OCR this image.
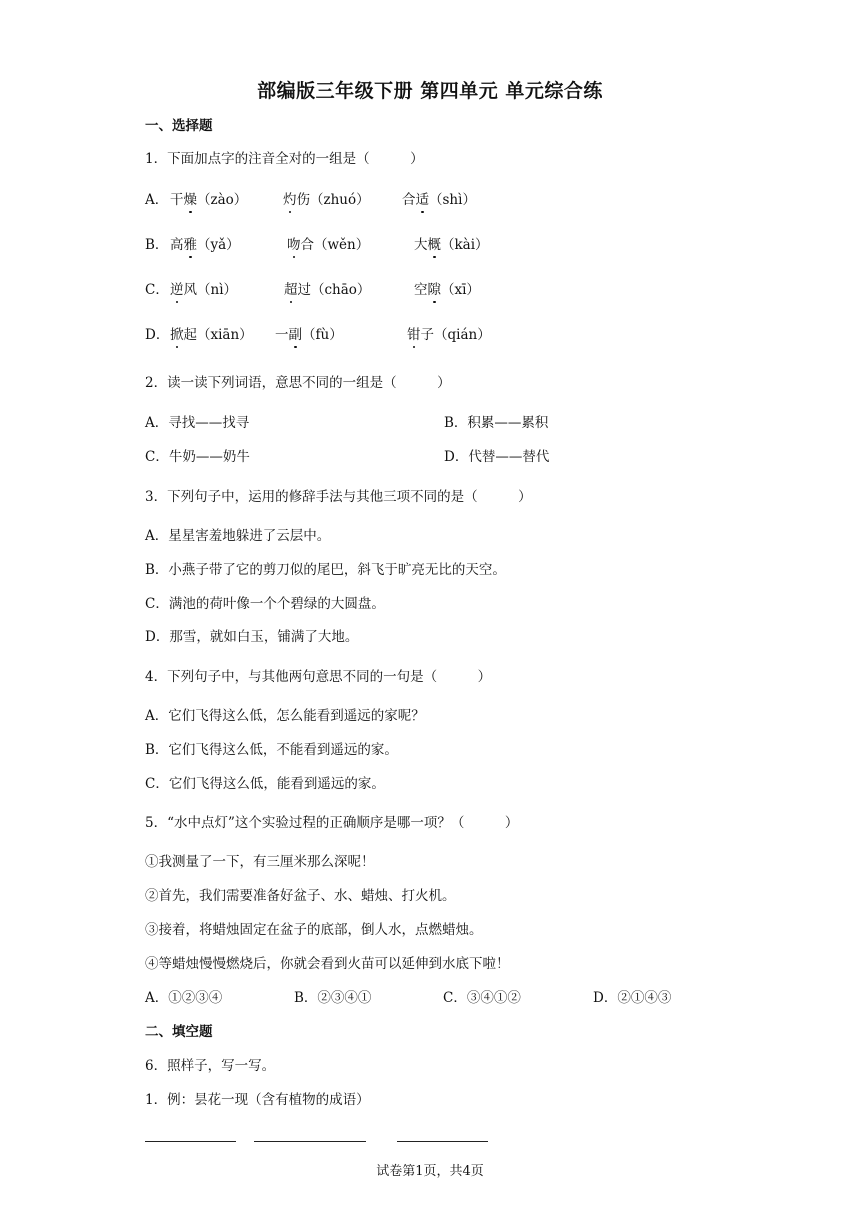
部编版三年级下册 第四单元 单元综合练
一、选择题
1．下面加点字的注音全对的一组是（　　　）
A． 干燥（zào）	灼伤（zhuó） 合适（shì）
B． 高雅（yǎ）	吻合（wěn）	大概（kài）
C． 逆风（nì）	超过（chāo）	空隙（xī）
D． 掀起（xiān） 一副（fù）	钳子（qián）
2．读一读下列词语，意思不同的一组是（　　　）
A．寻找——找寻	B．积累——累积
C．牛奶——奶牛	D．代替——替代
3．下列句子中，运用的修辞手法与其他三项不同的是（　　　）
A．星星害羞地躲进了云层中。
B．小燕子带了它的剪刀似的尾巴，斜飞于旷亮无比的天空。
C．满池的荷叶像一个个碧绿的大圆盘。
D．那雪，就如白玉，铺满了大地。
4．下列句子中，与其他两句意思不同的一句是（　　　）
A．它们飞得这么低，怎么能看到遥远的家呢？
B．它们飞得这么低，不能看到遥远的家。
C．它们飞得这么低，能看到遥远的家。
5．“水中点灯”这个实验过程的正确顺序是哪一项？（　　　）
①我测量了一下，有三厘米那么深呢！
②首先，我们需要准备好盆子、水、蜡烛、打火机。
③接着，将蜡烛固定在盆子的底部，倒人水，点燃蜡烛。
④等蜡烛慢慢燃烧后，你就会看到火苗可以延伸到水底下啦！
A．①②③④	B．②③④①	C．③④①②	D．②①④③
二、填空题
6．照样子，写一写。
1．例：昙花一现（含有植物的成语）
试卷第1页，共4页
